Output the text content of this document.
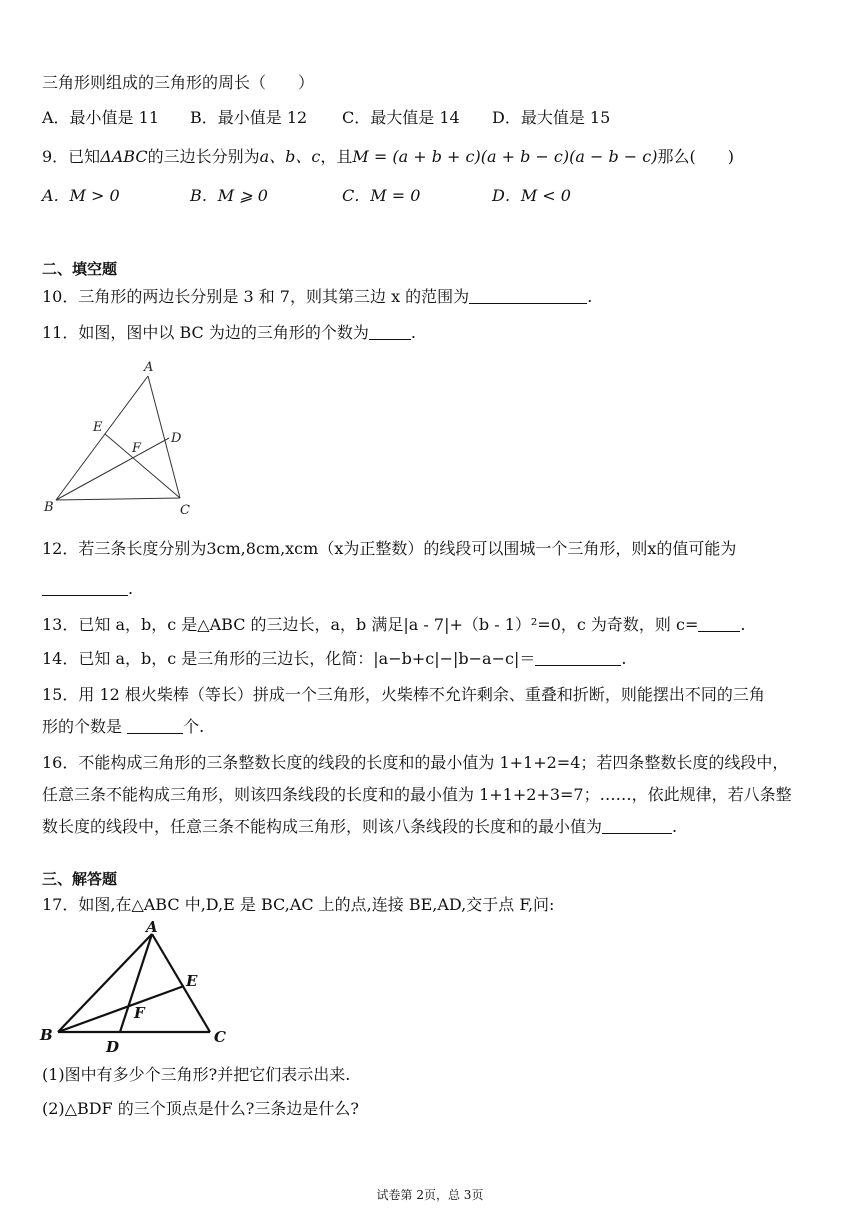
三角形则组成的三角形的周长（　　）
A．最小值是 11 B．最小值是 12 C．最大值是 14 D．最大值是 15
9．已知ΔABC的三边长分别为a、b、c，且M = (a + b + c)(a + b − c)(a − b − c)那么(　　)
A．M > 0	B．M ⩾ 0	C．M = 0	D．M < 0
二、填空题
10．三角形的两边长分别是 3 和 7，则其第三边 x 的范围为	.
11．如图，图中以 BC 为边的三角形的个数为	.
A
B	C
D
E
F
12．若三条长度分别为3cm,8cm,xcm（x为正整数）的线段可以围城一个三角形，则x的值可能为
.
13．已知 a，b，c 是△ABC 的三边长，a，b 满足|a - 7|+（b - 1）²=0，c 为奇数，则 c=	.
14．已知 a，b，c 是三角形的三边长，化简：|a−b+c|−|b−a−c|＝	.
15．用 12 根火柴棒（等长）拼成一个三角形，火柴棒不允许剩余、重叠和折断，则能摆出不同的三角
形的个数是	个.
16．不能构成三角形的三条整数长度的线段的长度和的最小值为 1+1+2=4；若四条整数长度的线段中，
任意三条不能构成三角形，则该四条线段的长度和的最小值为 1+1+2+3=7；……，依此规律，若八条整
数长度的线段中，任意三条不能构成三角形，则该八条线段的长度和的最小值为	.
三、解答题
17．如图,在△ABC 中,D,E 是 BC,AC 上的点,连接 BE,AD,交于点 F,问:
A
B	C
D
E
F
(1)图中有多少个三角形?并把它们表示出来.
(2)△BDF 的三个顶点是什么?三条边是什么?
试卷第 2页，总 3页
